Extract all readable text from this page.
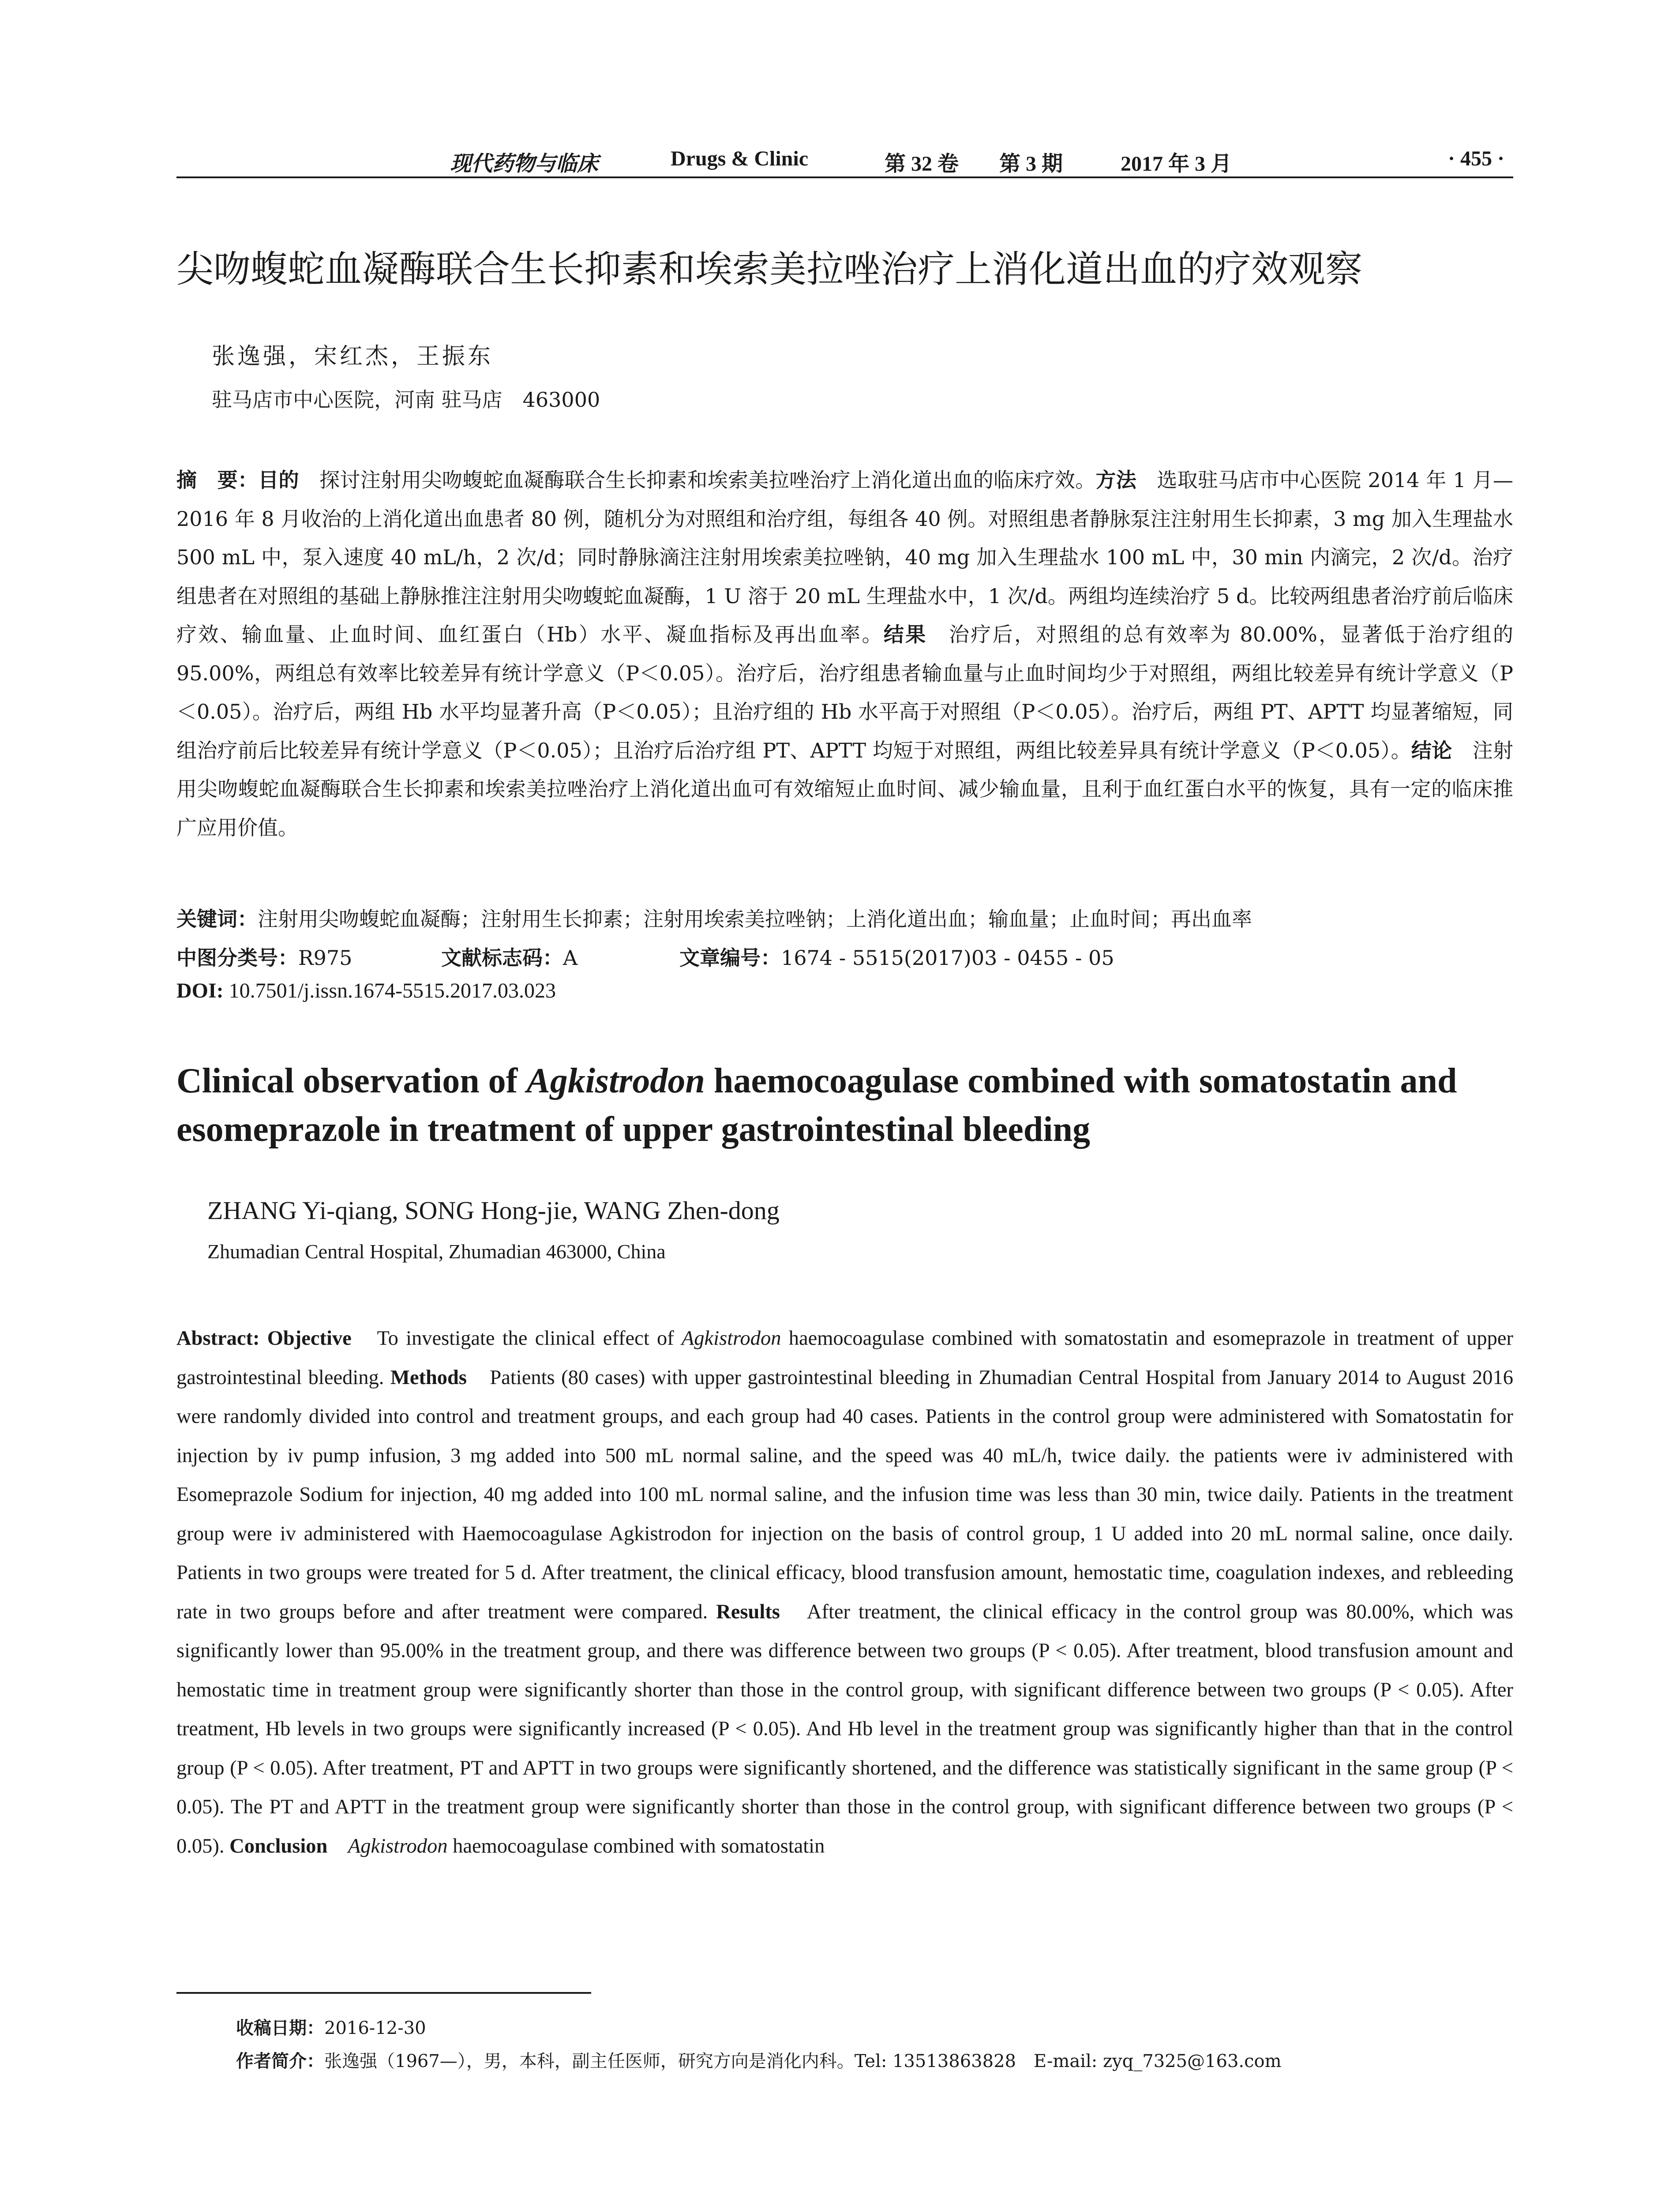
现代药物与临床	Drugs & Clinic	第 32 卷 第 3 期	2017 年 3 月	· 455 ·
尖吻蝮蛇血凝酶联合生长抑素和埃索美拉唑治疗上消化道出血的疗效观察
张逸强，宋红杰，王振东
驻马店市中心医院，河南 驻马店　463000
摘　要：目的　探讨注射用尖吻蝮蛇血凝酶联合生长抑素和埃索美拉唑治疗上消化道出血的临床疗效。方法　选取驻马店市中心医院 2014 年 1 月—2016 年 8 月收治的上消化道出血患者 80 例，随机分为对照组和治疗组，每组各 40 例。对照组患者静脉泵注注射用生长抑素，3 mg 加入生理盐水 500 mL 中，泵入速度 40 mL/h，2 次/d；同时静脉滴注注射用埃索美拉唑钠，40 mg 加入生理盐水 100 mL 中，30 min 内滴完，2 次/d。治疗组患者在对照组的基础上静脉推注注射用尖吻蝮蛇血凝酶，1 U 溶于 20 mL 生理盐水中，1 次/d。两组均连续治疗 5 d。比较两组患者治疗前后临床疗效、输血量、止血时间、血红蛋白（Hb）水平、凝血指标及再出血率。结果　治疗后，对照组的总有效率为 80.00%，显著低于治疗组的 95.00%，两组总有效率比较差异有统计学意义（P＜0.05）。治疗后，治疗组患者输血量与止血时间均少于对照组，两组比较差异有统计学意义（P＜0.05）。治疗后，两组 Hb 水平均显著升高（P＜0.05）；且治疗组的 Hb 水平高于对照组（P＜0.05）。治疗后，两组 PT、APTT 均显著缩短，同组治疗前后比较差异有统计学意义（P＜0.05）；且治疗后治疗组 PT、APTT 均短于对照组，两组比较差异具有统计学意义（P＜0.05）。结论　注射用尖吻蝮蛇血凝酶联合生长抑素和埃索美拉唑治疗上消化道出血可有效缩短止血时间、减少输血量，且利于血红蛋白水平的恢复，具有一定的临床推广应用价值。
关键词：注射用尖吻蝮蛇血凝酶；注射用生长抑素；注射用埃索美拉唑钠；上消化道出血；输血量；止血时间；再出血率
中图分类号：R975	文献标志码：A	文章编号：1674 - 5515(2017)03 - 0455 - 05
DOI: 10.7501/j.issn.1674-5515.2017.03.023
Clinical observation of Agkistrodon haemocoagulase combined with somatostatin and esomeprazole in treatment of upper gastrointestinal bleeding
ZHANG Yi-qiang, SONG Hong-jie, WANG Zhen-dong
Zhumadian Central Hospital, Zhumadian 463000, China
Abstract: Objective　To investigate the clinical effect of Agkistrodon haemocoagulase combined with somatostatin and esomeprazole in treatment of upper gastrointestinal bleeding. Methods　Patients (80 cases) with upper gastrointestinal bleeding in Zhumadian Central Hospital from January 2014 to August 2016 were randomly divided into control and treatment groups, and each group had 40 cases. Patients in the control group were administered with Somatostatin for injection by iv pump infusion, 3 mg added into 500 mL normal saline, and the speed was 40 mL/h, twice daily. the patients were iv administered with Esomeprazole Sodium for injection, 40 mg added into 100 mL normal saline, and the infusion time was less than 30 min, twice daily. Patients in the treatment group were iv administered with Haemocoagulase Agkistrodon for injection on the basis of control group, 1 U added into 20 mL normal saline, once daily. Patients in two groups were treated for 5 d. After treatment, the clinical efficacy, blood transfusion amount, hemostatic time, coagulation indexes, and rebleeding rate in two groups before and after treatment were compared. Results　After treatment, the clinical efficacy in the control group was 80.00%, which was significantly lower than 95.00% in the treatment group, and there was difference between two groups (P < 0.05). After treatment, blood transfusion amount and hemostatic time in treatment group were significantly shorter than those in the control group, with significant difference between two groups (P < 0.05). After treatment, Hb levels in two groups were significantly increased (P < 0.05). And Hb level in the treatment group was significantly higher than that in the control group (P < 0.05). After treatment, PT and APTT in two groups were significantly shortened, and the difference was statistically significant in the same group (P < 0.05). The PT and APTT in the treatment group were significantly shorter than those in the control group, with significant difference between two groups (P < 0.05). Conclusion　 Agkistrodon haemocoagulase combined with somatostatin
收稿日期：2016-12-30
作者简介：张逸强（1967—），男，本科，副主任医师，研究方向是消化内科。Tel: 13513863828　E-mail: zyq_7325@163.com
